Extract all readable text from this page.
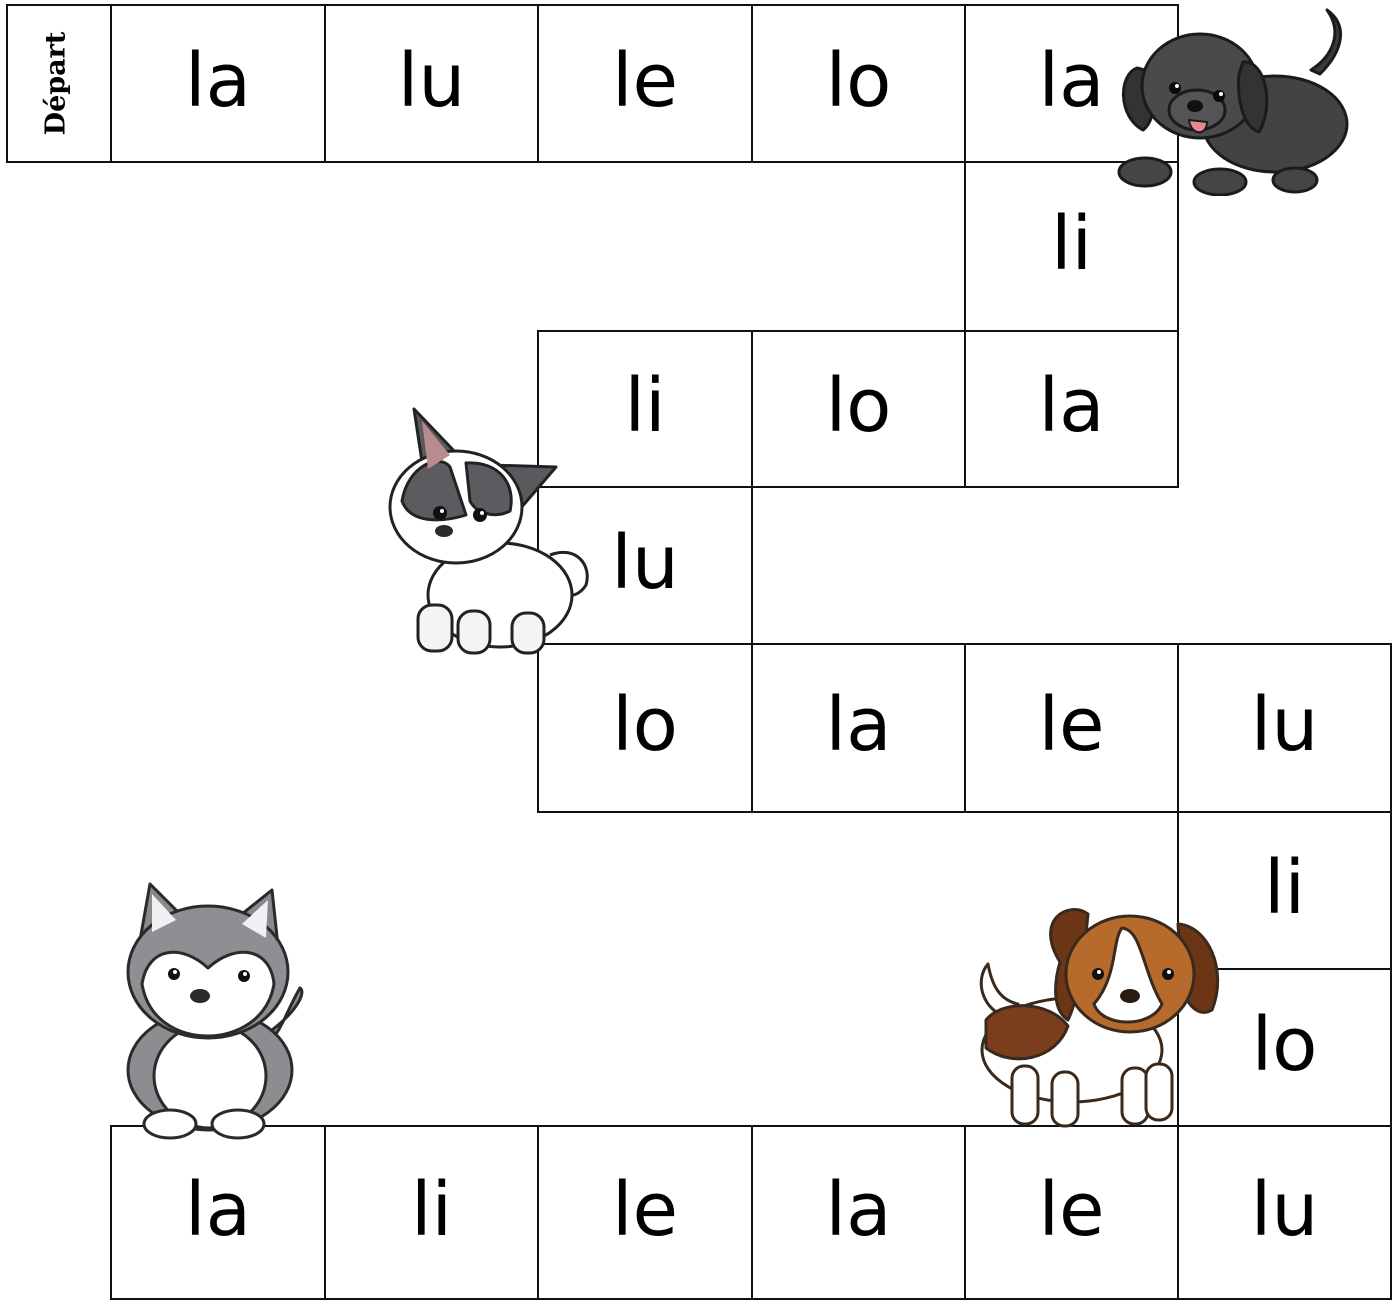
Départ la lu le lo la
li
li lo la
lu
lo la le lu
li
lo
la li le la le lu
